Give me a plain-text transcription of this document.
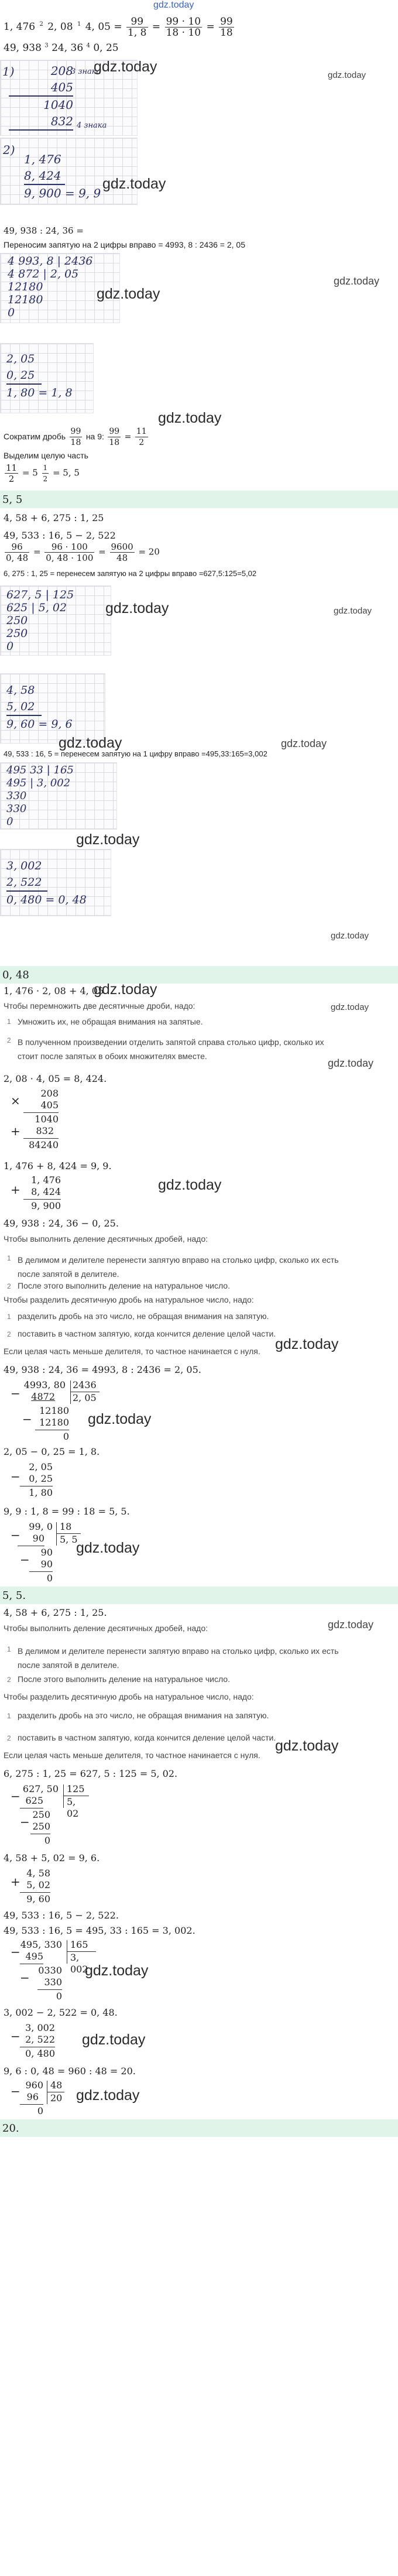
gdz.today
1, 476 2 2, 08 1 4, $05 = \frac{99}{1, 8} = \frac{99 \cdot 10}{18 \cdot 10} = \frac{99}{18}$
49, 938 $^3$ 24, 36 $^4$ 0, 25
208
405
1040
832
3 знака
4 знака
1)	gdz.today
gdz.today
1, 476
8, 424
9, 900 = 9, 9
2)
gdz.today
49, 938 : 24, 36 =
Переносим запятую на 2 цифры вправо = 4993, 8 : 2436 = 2, 05
4 993, 8 | 2436
4 872 | 2, 05
12180
12180
0
gdz.today
gdz.today
2, 05
0, 25
1, 80 = 1, 8
gdz.today
Сократим дробь $\frac{99}{18}$ на 9: $\frac{99}{18} = \frac{11}{2}$
Выделим целую часть
$\frac{11}{2} = 5 \frac{1}{2} = 5$, 5
5, 5
4, 58 + 6, 275 : 1, 25
49, 533 : 16, 5 − 2, 522
$\frac{96}{0, 48} = \frac{96 \cdot 100}{0, 48 \cdot 100} = \frac{9600}{48} = 20$
6, 275 : 1, 25 = перенесем запятую на 2 цифры вправо =627,5:125=5,02
627, 5 | 125
625 | 5, 02
250
250
0
gdz.today	gdz.today
4, 58
5, 02
9, 60 = 9, 6
gdz.today	gdz.today
49, 533 : 16, 5 = перенесем запятую на 1 цифру вправо =495,33:165=3,002
495 33 | 165
495 | 3, 002
330
330
0
gdz.today
3, 002
2, 522
0, 480 = 0, 48
gdz.today
0, 48
1, 476 · 2, 08 + 4, 05
gdz.today
Чтобы перемножить две десятичные дроби, надо:	gdz.today
1 Умножить их, не обращая внимания на запятые.
2 В полученном произведении отделить запятой справа столько цифр, сколько их стоит после запятых в обоих множителях вместе.
gdz.today
2, 08 · 4, 05 = 8, 424.
×
208
405
1040
+	832
84240
1, 476 + 8, 424 = 9, 9.
+
1, 476
8, 424
9, 900
gdz.today
49, 938 : 24, 36 − 0, 25.
Чтобы выполнить деление десятичных дробей, надо:
1 В делимом и делителе перенести запятую вправо на столько цифр, сколько их есть после запятой в делителе.
2 После этого выполнить деление на натуральное число.
Чтобы разделить десятичную дробь на натуральное число, надо:
1 разделить дробь на это число, не обращая внимания на запятую.
2 поставить в частном запятую, когда кончится деление целой части.
gdz.today
Если целая часть меньше делителя, то частное начинается с нуля.
49, 938 : 24, 36 = 4993, 8 : 2436 = 2, 05.
−
4993, 80
4872
2436
2, 05
−
12180
12180
0
gdz.today
2, 05 − 0, 25 = 1, 8.
−
2, 05
0, 25
1, 80
9, 9 : 1, 8 = 99 : 18 = 5, 5.
−
99, 0
90
18
5, 5
−
90
90
0
gdz.today
5, 5.
4, 58 + 6, 275 : 1, 25.
Чтобы выполнить деление десятичных дробей, надо:	gdz.today
1 В делимом и делителе перенести запятую вправо на столько цифр, сколько их есть после запятой в делителе.
2 После этого выполнить деление на натуральное число.
Чтобы разделить десятичную дробь на натуральное число, надо:
1 разделить дробь на это число, не обращая внимания на запятую.
2 поставить в частном запятую, когда кончится деление целой части.
gdz.today
Если целая часть меньше делителя, то частное начинается с нуля.
6, 275 : 1, 25 = 627, 5 : 125 = 5, 02.
−
627, 50
625
125
5, 02
−
250
250
0
4, 58 + 5, 02 = 9, 6.
+
4, 58
5, 02
9, 60
49, 533 : 16, 5 − 2, 522.
49, 533 : 16, 5 = 495, 33 : 165 = 3, 002.
−
495, 330
495
165
3, 002
−
0330
330
0
gdz.today
3, 002 − 2, 522 = 0, 48.
−
3, 002
2, 522
0, 480
gdz.today
9, 6 : 0, 48 = 960 : 48 = 20.
− 960
96
48
20
0
gdz.today
20.
